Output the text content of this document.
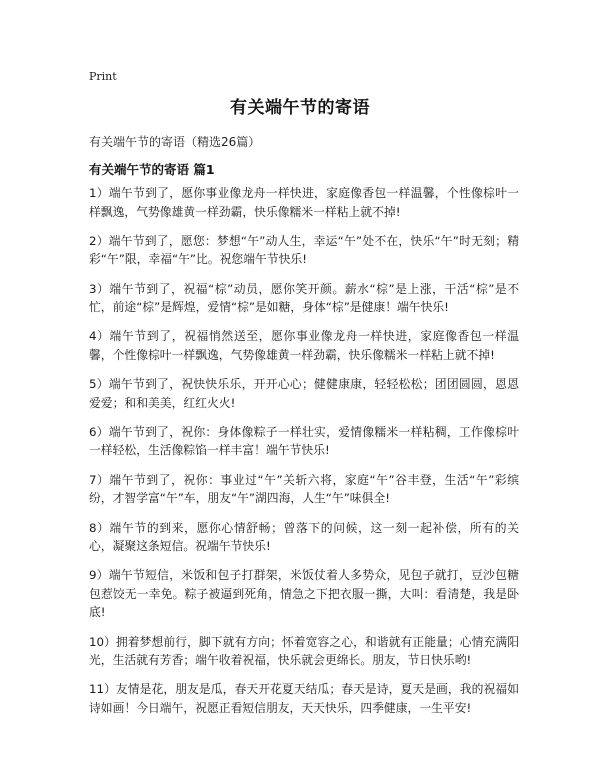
Print
有关端午节的寄语
有关端午节的寄语（精选26篇）
有关端午节的寄语 篇1
1）端午节到了，愿你事业像龙舟一样快进，家庭像香包一样温馨，个性像棕叶一样飘逸，气势像雄黄一样劲霸，快乐像糯米一样粘上就不掉!
2）端午节到了，愿您：梦想“午”动人生，幸运“午”处不在，快乐“午”时无刻；精彩“午”限，幸福“午”比。祝您端午节快乐!
3）端午节到了，祝福“棕”动员，愿你笑开颜。薪水“棕”是上涨，干活“棕”是不忙，前途“棕”是辉煌，爱情“棕”是如糖，身体“棕”是健康！端午快乐!
4）端午节到了，祝福悄然送至，愿你事业像龙舟一样快进，家庭像香包一样温馨，个性像棕叶一样飘逸，气势像雄黄一样劲霸，快乐像糯米一样粘上就不掉!
5）端午节到了，祝快快乐乐，开开心心；健健康康，轻轻松松；团团圆圆，恩恩爱爱；和和美美，红红火火!
6）端午节到了，祝你：身体像粽子一样壮实，爱情像糯米一样粘稠，工作像棕叶一样轻松，生活像粽馅一样丰富！端午节快乐!
7）端午节到了，祝你：事业过“午”关斩六将，家庭“午”谷丰登，生活“午”彩缤纷，才智学富“午”车，朋友“午”湖四海，人生“午”味俱全!
8）端午节的到来，愿你心情舒畅；曾落下的问候，这一刻一起补偿，所有的关心，凝聚这条短信。祝端午节快乐!
9）端午节短信，米饭和包子打群架，米饭仗着人多势众，见包子就打，豆沙包糖包惹饺无一幸免。粽子被逼到死角，情急之下把衣服一撕，大叫：看清楚，我是卧底!
10）拥着梦想前行，脚下就有方向；怀着宽容之心，和谐就有正能量；心情充满阳光，生活就有芳香；端午收着祝福，快乐就会更绵长。朋友，节日快乐哟!
11）友情是花，朋友是瓜，春天开花夏天结瓜；春天是诗，夏天是画，我的祝福如诗如画！今日端午，祝愿正看短信朋友，天天快乐，四季健康，一生平安!
